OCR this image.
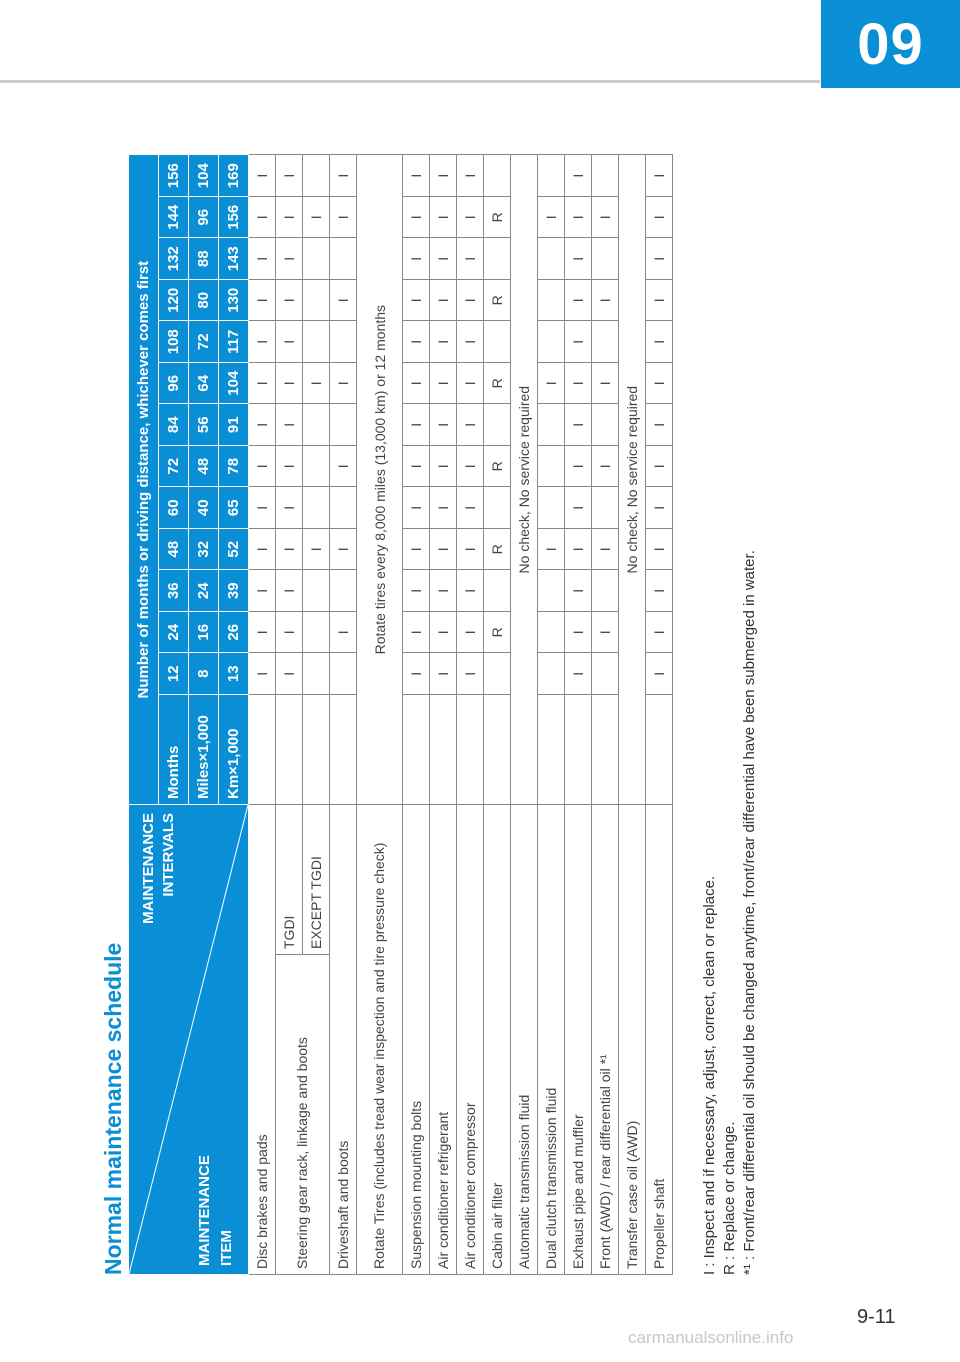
09
Normal maintenance schedule
MAINTENANCE INTERVALS
MAINTENANCE ITEM		Number of months or driving distance, whichever comes first													
		Months	12	24	36	48	60	72	84	96	108	120	132	144	156
		Miles×1,000	8	16	24	32	40	48	56	64	72	80	88	96	104
		Km×1,000	13	26	39	52	65	78	91	104	117	130	143	156	169
Disc brakes and pads			I	I	I	I	I	I	I	I	I	I	I	I	I
Steering gear rack, linkage and boots	TGDI		I	I	I	I	I	I	I	I	I	I	I	I	I
	EXCEPT TGDI					I				I				I	
Driveshaft and boots				I		I		I		I		I		I	I
Rotate Tires (includes tread wear inspection and tire pressure check)		Rotate tires every 8,000 miles (13,000 km) or 12 months													
Suspension mounting bolts			I	I	I	I	I	I	I	I	I	I	I	I	I
Air conditioner refrigerant			I	I	I	I	I	I	I	I	I	I	I	I	I
Air conditioner compressor			I	I	I	I	I	I	I	I	I	I	I	I	I
Cabin air filter				R		R		R		R		R		R	
Automatic transmission fluid		No check, No service required													
Dual clutch transmission fluid						I				I				I	
Exhaust pipe and muffler			I	I	I	I	I	I	I	I	I	I	I	I	I
Front (AWD) / rear differential oil *¹				I		I		I		I		I		I	
Transfer case oil (AWD)		No check, No service required													
Propeller shaft			I	I	I	I	I	I	I	I	I	I	I	I	I
I : Inspect and if necessary, adjust, correct, clean or replace. R : Replace or change. *¹ : Front/rear differential oil should be changed anytime, front/rear differential have been submerged in water.
9-11
carmanualsonline.info
